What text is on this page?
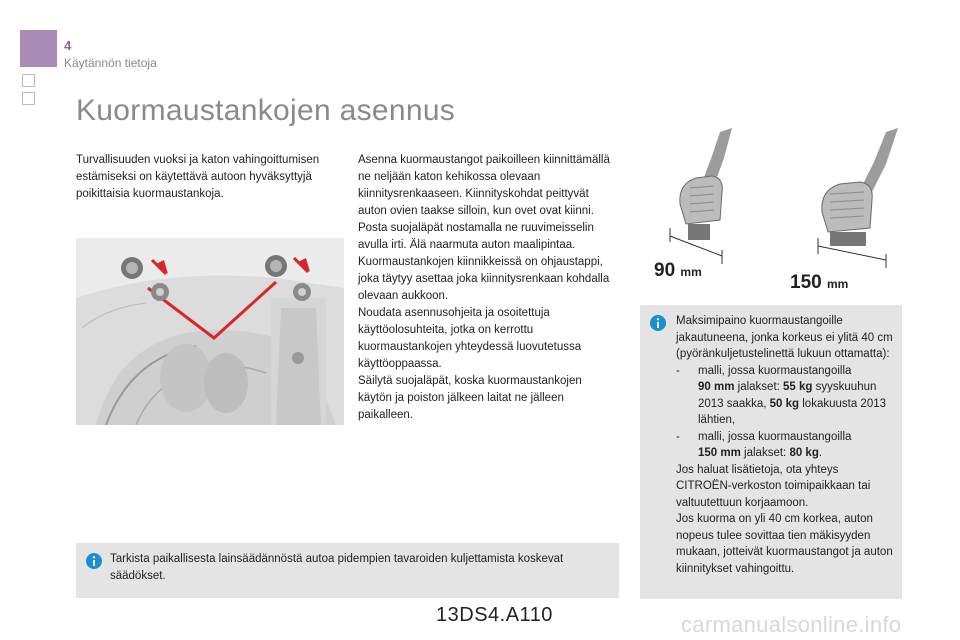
4
Käytännön tietoja
Kuormaustankojen asennus
Turvallisuuden vuoksi ja katon vahingoittumisen estämiseksi on käytettävä autoon hyväksyttyjä poikittaisia kuormaustankoja.
Asenna kuormaustangot paikoilleen kiinnittämällä ne neljään katon kehikossa olevaan kiinnitysrenkaaseen. Kiinnityskohdat peittyvät auton ovien taakse silloin, kun ovet ovat kiinni.
Posta suojaläpät nostamalla ne ruuvimeisselin avulla irti. Älä naarmuta auton maalipintaa.
Kuormaustankojen kiinnikkeissä on ohjaustappi, joka täytyy asettaa joka kiinnitysrenkaan kohdalla olevaan aukkoon.
Noudata asennusohjeita ja osoitettuja käyttöolosuhteita, jotka on kerrottu kuormaustankojen yhteydessä luovutetussa käyttöoppaassa.
Säilytä suojaläpät, koska kuormaustankojen käytön ja poiston jälkeen laitat ne jälleen paikalleen.
90 mm	150 mm

Maksimipaino kuormaustangoille jakautuneena, jonka korkeus ei ylitä 40 cm (pyöränkuljetustelinettä lukuun ottamatta):

-	malli, jossa kuormaustangoilla
90 mm jalakset: 55 kg syyskuuhun 2013 saakka, 50 kg lokakuusta 2013 lähtien,
-	malli, jossa kuormaustangoilla
150 mm jalakset: 80 kg.

Jos haluat lisätietoja, ota yhteys CITROËN-verkoston toimipaikkaan tai valtuutettuun korjaamoon.

Jos kuorma on yli 40 cm korkea, auton nopeus tulee sovittaa tien mäkisyyden mukaan, jotteivät kuormaustangot ja auton kiinnitykset vahingoittu.

Tarkista paikallisesta lainsäädännöstä autoa pidempien tavaroiden kuljettamista koskevat säädökset.
13DS4.A110	carmanualsonline.info
